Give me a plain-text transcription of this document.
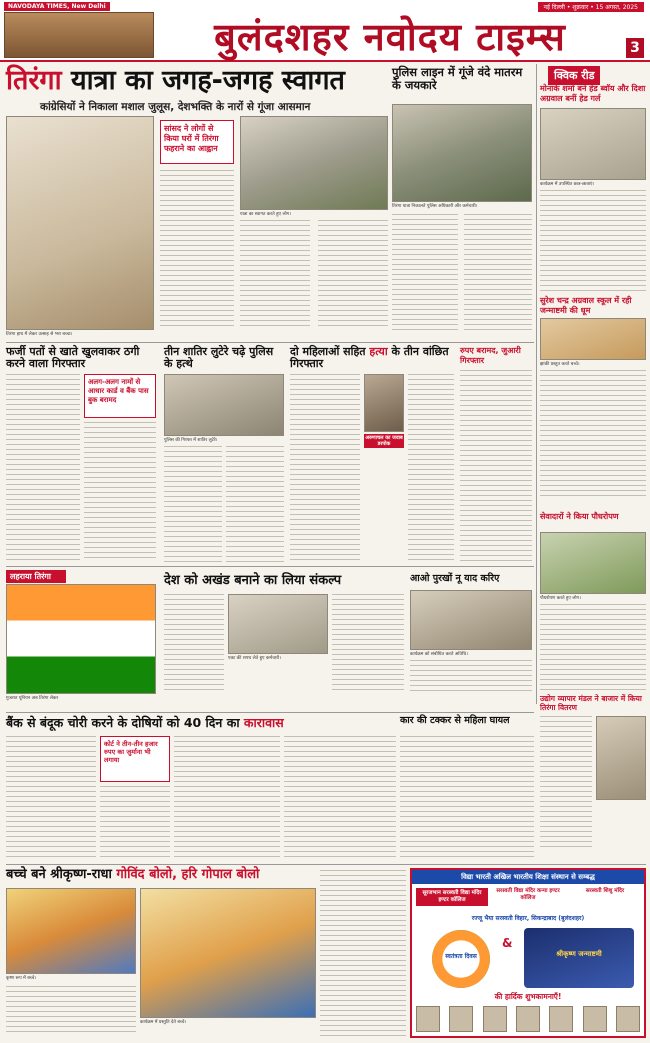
NAVODAYA TIMES, New Delhi
बुलंदशहर नवोदय टाइम्स
नई दिल्ली • शुक्रवार • 15 अगस्त, 2025
3
तिरंगा यात्रा का जगह-जगह स्वागत
कांग्रेसियों ने निकाला मशाल जुलूस, देशभक्ति के नारों से गूंजा आसमान
सांसद ने लोगों से किया घरों में तिरंगा फहराने का आह्वान
यात्रा का स्वागत करते हुए लोग।
तिरंगा हाथ में लेकर उत्साह से भरा बच्चा।
पुलिस लाइन में गूंजे वंदे मातरम के जयकारे
तिरंगा यात्रा निकालते पुलिस अधिकारी और कर्मचारी।
क्विक रीड
मोनार्क शर्मा बने हेड ब्वॉय और दिशा अग्रवाल बनीं हेड गर्ल
कार्यक्रम में उपस्थित छात्र-छात्राएं।
सुरेश चन्द्र अग्रवाल स्कूल में रही जन्माष्टमी की धूम
झांकी प्रस्तुत करते बच्चे।
सेवादारों ने किया पौधरोपण
पौधरोपण करते हुए लोग।
उद्योग व्यापार मंडल ने बाजार में किया तिरंगा वितरण
फर्जी पतों से खाते खुलवाकर ठगी करने वाला गिरफ्तार
अलग-अलग नामों से आधार कार्ड व बैंक पास बुक बरामद
तीन शातिर लुटेरे चढ़े पुलिस के हत्थे
पुलिस की गिरफ्त में शातिर लुटेरे।
दो महिलाओं सहित हत्या के तीन वांछित गिरफ्तार
अरुणाचल का जवाब डरपोक
रुपए बरामद, जुआरी गिरफ्तार
लहराया तिरंगा
गुजरात यूनियन अब तिरंगा लेकर
देश को अखंड बनाने का लिया संकल्प
एक्ट की शपथ लेते हुए कर्मचारी।
आओ पुरखों नू याद करिए
कार्यक्रम को संबोधित करते अतिथि।
बैंक से बंदूक चोरी करने के दोषियों को 40 दिन का कारावास
कोर्ट ने तीन-तीन हजार रुपए का जुर्माना भी लगाया
कार की टक्कर से महिला घायल
बच्चे बने श्रीकृष्ण-राधा गोविंद बोलो, हरि गोपाल बोलो
कृष्ण रूप में बच्चे।
कार्यक्रम में प्रस्तुति देते बच्चे।
विद्या भारती अखिल भारतीय शिक्षा संस्थान से सम्बद्ध
सूरजभान सरस्वती विद्या मंदिर इण्टर कॉलिज
सरस्वती विद्या मंदिर कन्या इण्टर कॉलिज
सरस्वती शिशु मंदिर
रज्जू भैया सरस्वती विहार, सिकन्द्राबाद (बुलंदशहर)
स्वतंत्रता दिवस
&
श्रीकृष्ण जन्माष्टमी
की हार्दिक शुभकामनाएँ!
